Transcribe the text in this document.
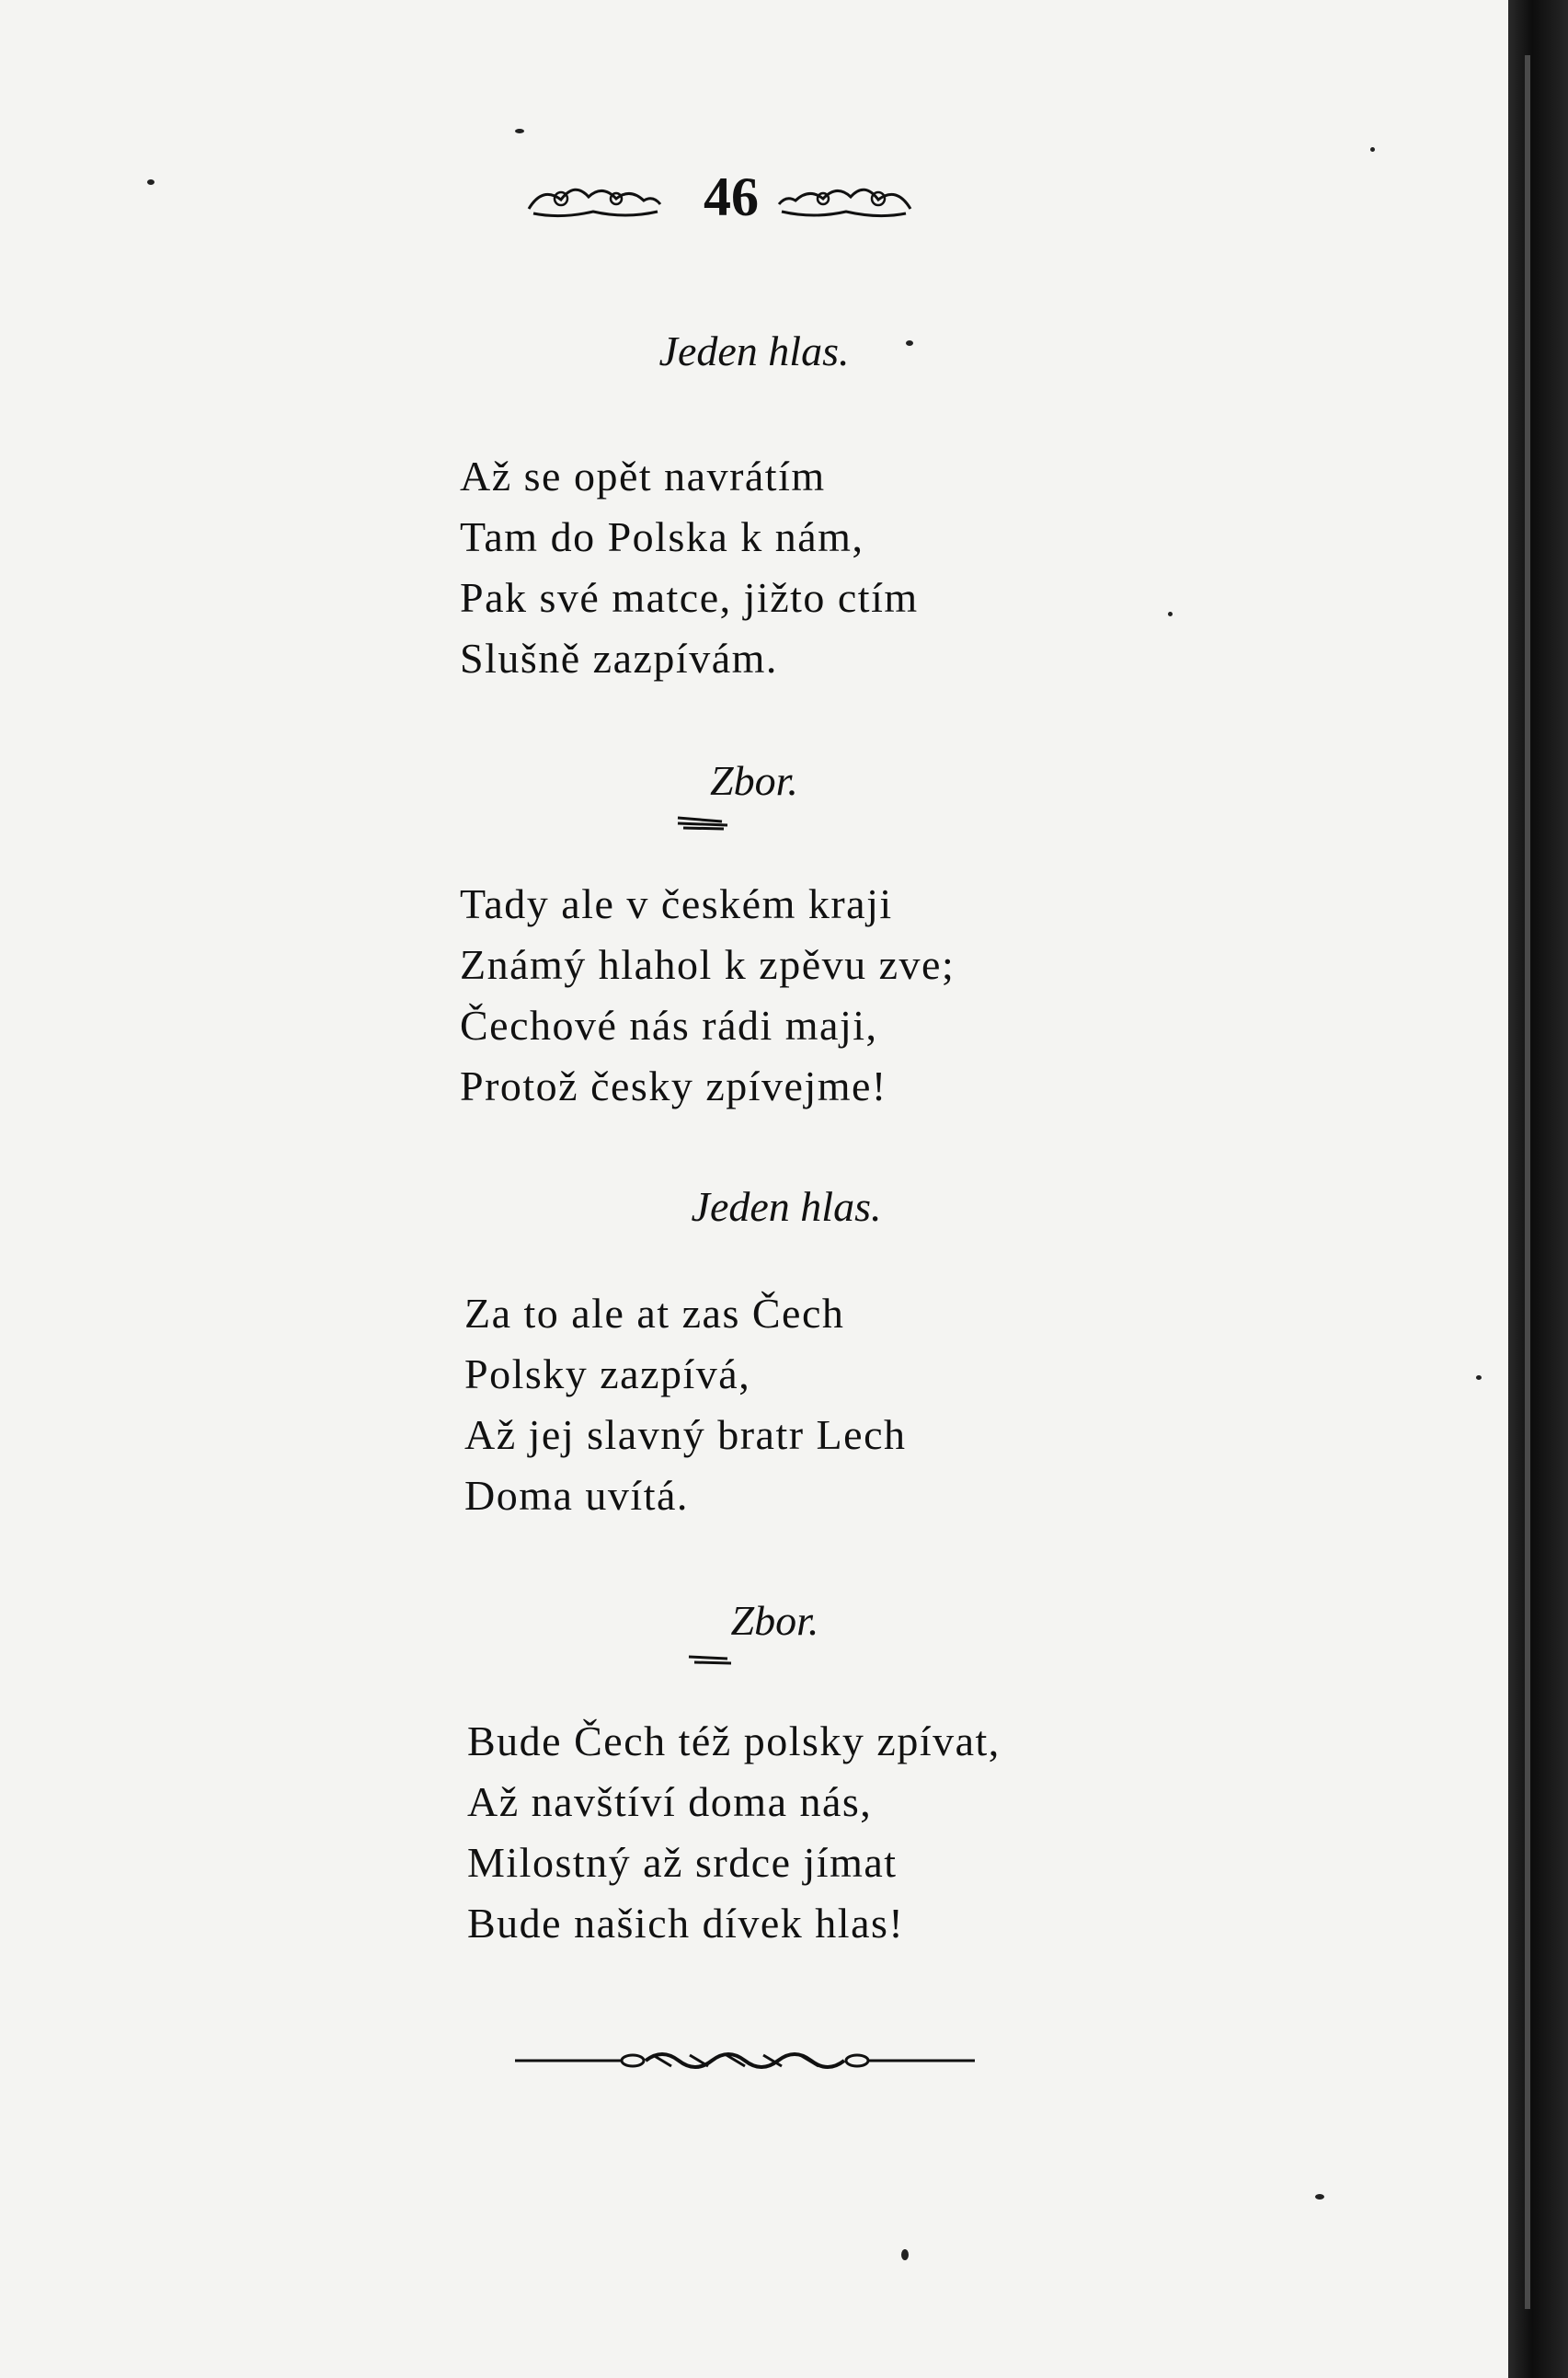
46
Jeden hlas.
Až se opět navrátím
Tam do Polska k nám,
Pak své matce, jižto ctím
Slušně zazpívám.
Zbor.
Tady ale v českém kraji
Známý hlahol k zpěvu zve;
Čechové nás rádi maji,
Protož česky zpívejme!
Jeden hlas.
Za to ale at zas Čech
Polsky zazpívá,
Až jej slavný bratr Lech
Doma uvítá.
Zbor.
Bude Čech též polsky zpívat,
Až navštíví doma nás,
Milostný až srdce jímat
Bude našich dívek hlas!
